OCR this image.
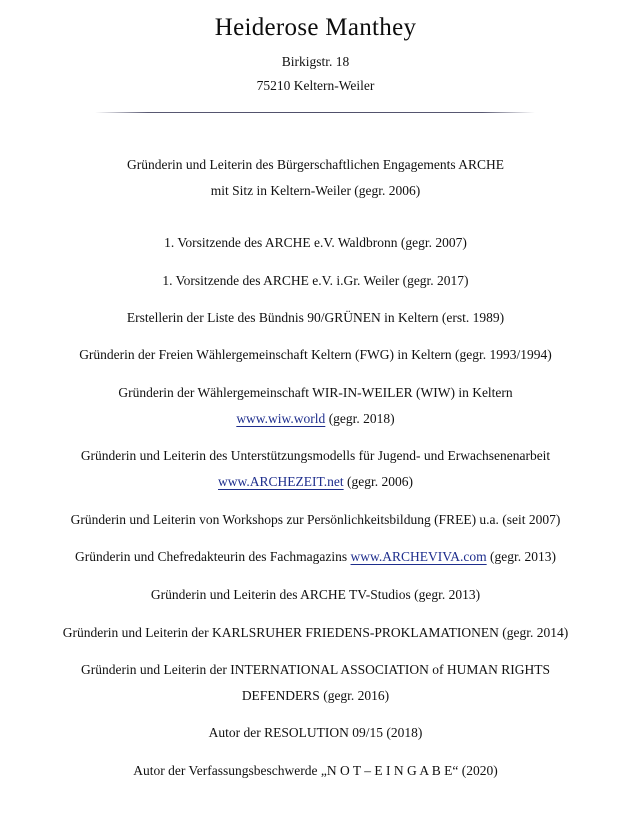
Heiderose Manthey
Birkigstr. 18
75210 Keltern-Weiler
Gründerin und Leiterin des Bürgerschaftlichen Engagements ARCHE
mit Sitz in Keltern-Weiler (gegr. 2006)
1. Vorsitzende des ARCHE e.V. Waldbronn (gegr. 2007)
1. Vorsitzende des ARCHE e.V. i.Gr. Weiler (gegr. 2017)
Erstellerin der Liste des Bündnis 90/GRÜNEN in Keltern (erst. 1989)
Gründerin der Freien Wählergemeinschaft Keltern (FWG) in Keltern (gegr. 1993/1994)
Gründerin der Wählergemeinschaft WIR-IN-WEILER (WIW) in Keltern
www.wiw.world (gegr. 2018)
Gründerin und Leiterin des Unterstützungsmodells für Jugend- und Erwachsenenarbeit
www.ARCHEZEIT.net (gegr. 2006)
Gründerin und Leiterin von Workshops zur Persönlichkeitsbildung (FREE) u.a. (seit 2007)
Gründerin und Chefredakteurin des Fachmagazins www.ARCHEVIVA.com (gegr. 2013)
Gründerin und Leiterin des ARCHE TV-Studios (gegr. 2013)
Gründerin und Leiterin der KARLSRUHER FRIEDENS-PROKLAMATIONEN (gegr. 2014)
Gründerin und Leiterin der INTERNATIONAL ASSOCIATION of HUMAN RIGHTS
DEFENDERS (gegr. 2016)
Autor der RESOLUTION 09/15 (2018)
Autor der Verfassungsbeschwerde „N O T – E I N G A B E“ (2020)
